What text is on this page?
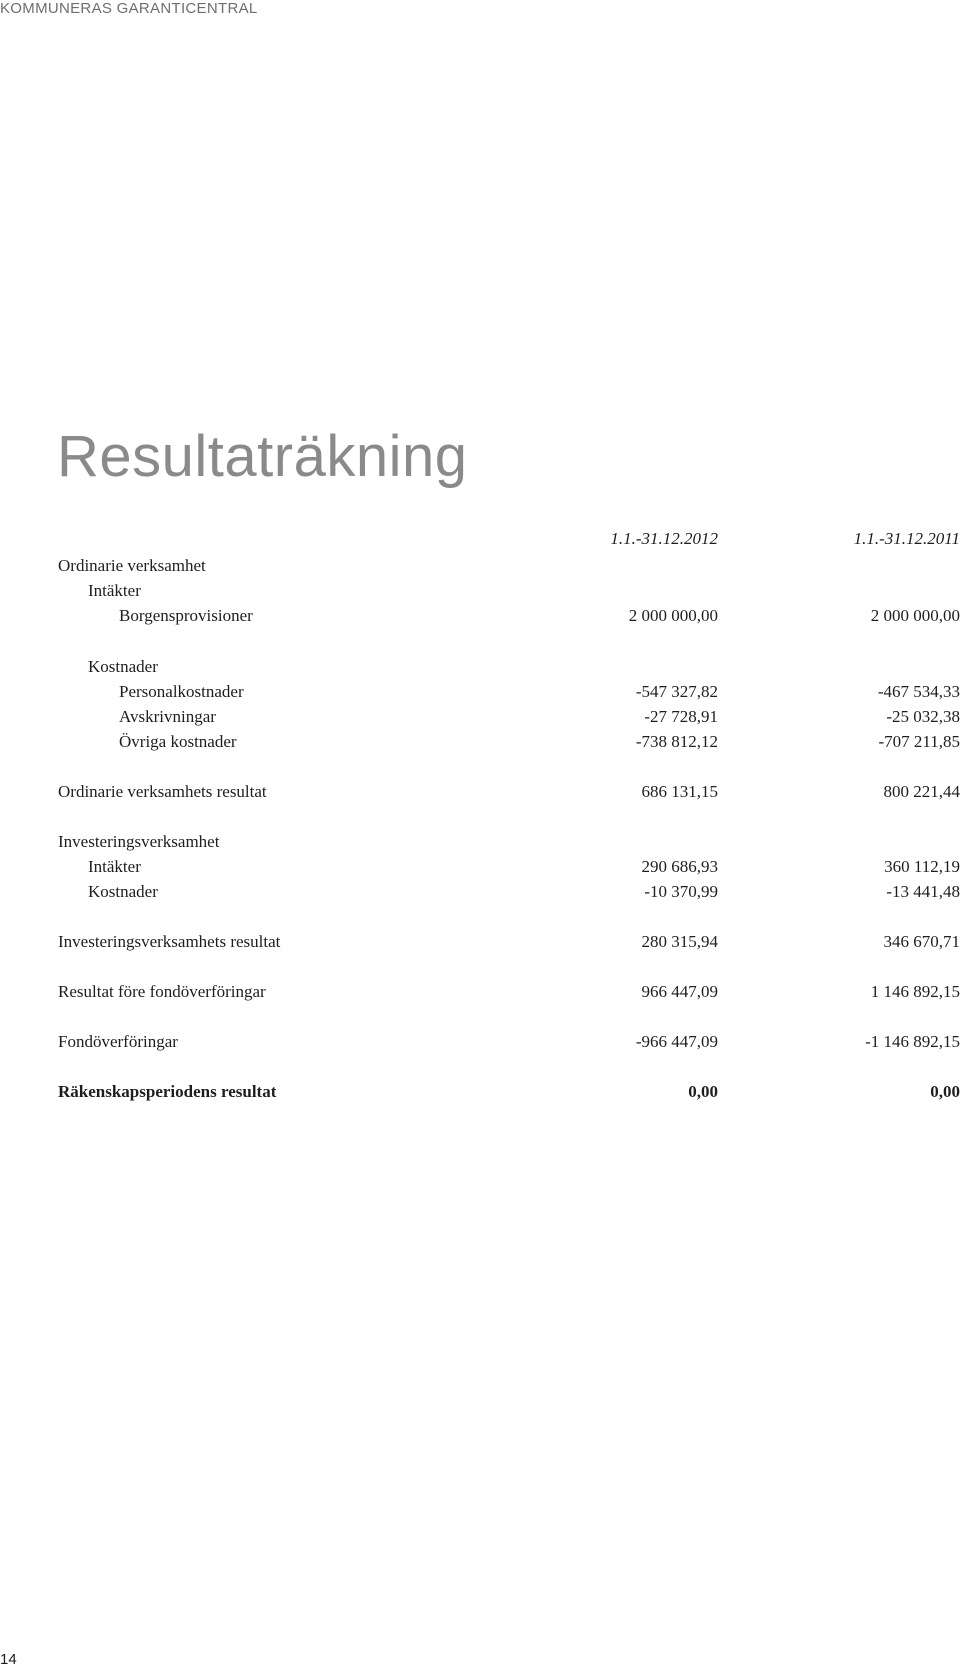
KOMMUNERAS GARANTICENTRAL
Resultaträkning
1.1.-31.12.2012	1.1.-31.12.2011
Ordinarie verksamhet
Intäkter
Borgensprovisioner	2 000 000,00	2 000 000,00
Kostnader
Personalkostnader	-547 327,82	-467 534,33
Avskrivningar	-27 728,91	-25 032,38
Övriga kostnader	-738 812,12	-707 211,85
Ordinarie verksamhets resultat	686 131,15	800 221,44
Investeringsverksamhet
Intäkter	290 686,93	360 112,19
Kostnader	-10 370,99	-13 441,48
Investeringsverksamhets resultat	280 315,94	346 670,71
Resultat före fondöverföringar	966 447,09	1 146 892,15
Fondöverföringar	-966 447,09	-1 146 892,15
Räkenskapsperiodens resultat	0,00	0,00
14
